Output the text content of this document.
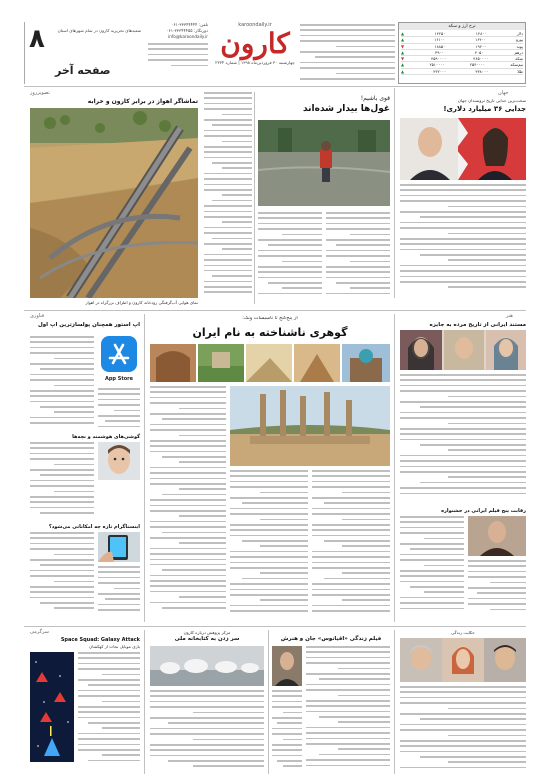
نرخ ارز و سکه
دلار
۱۴۸۰۰
۱۴۲۵۰
▲
یورو
۱۶۴۰۰
۱۶۱۰۰
▲
پوند
۱۹۲۰۰
۱۸۸۵۰
▼
درهم
۴۰۵۰
۳۹۰۰
▲
سکه
۴۶۵۰۰۰۰
۴۵۹۰۰۰۰
▼
نیم‌سکه
۲۵۴۰۰۰۰
۲۵۱۰۰۰۰
▲
طلا
۴۳۸۰۰۰
۴۳۲۰۰۰
▲
karoondaily.ir
کارون
چهارشنبه ۳۰ فروردین‌ماه ۱۳۹۸ | شماره ۲۳۳۴
تلفن: ۳۳۳۴۴۴۴۴-۰۶۱
دورنگار: ۳۳۳۴۴۴۵۵-۰۶۱
info@karoondaily.ir
۸
صفحه آخر
شعبه‌های تحریریه کارون در تمام شهرهای استان
تصویرروز
تماشاگر اهواز در برابر کارون و خرابه
نمای هوایی آب‌گرفتگی رودخانه کارون و اطراف بزرگراه در اهواز
قوی باشیم!
غول‌ها بیدار شده‌اند
جهان
سخت‌ترین جدایی تاریخ ثروتمندان جهان
جدایی ۳۶ میلیارد دلاری!
فناوری
اپ استور همچنان پولسازترین اپ اول
App Store
گوشی‌های هوشمند و بچه‌ها
اینستاگرام تازه چه امکاناتی می‌شود؟
از پنج‌گنج تا تاسیسات ونک:
گوهری ناشناخته به نام ایران
هنر
مستند ایرانی از تاریخ مرده به جایزه
رقابت پنج فیلم ایرانی در جشنواره
سرگرمی
Space Squad: Galaxy Attack
بازی موبایل نجات از کهکشان
سر زدن به کتابخانه ملی
مرکز پژوهش درباره کارون
فیلم زندگی «اقیانوس» جان و هنرش
حکایت زندگی
